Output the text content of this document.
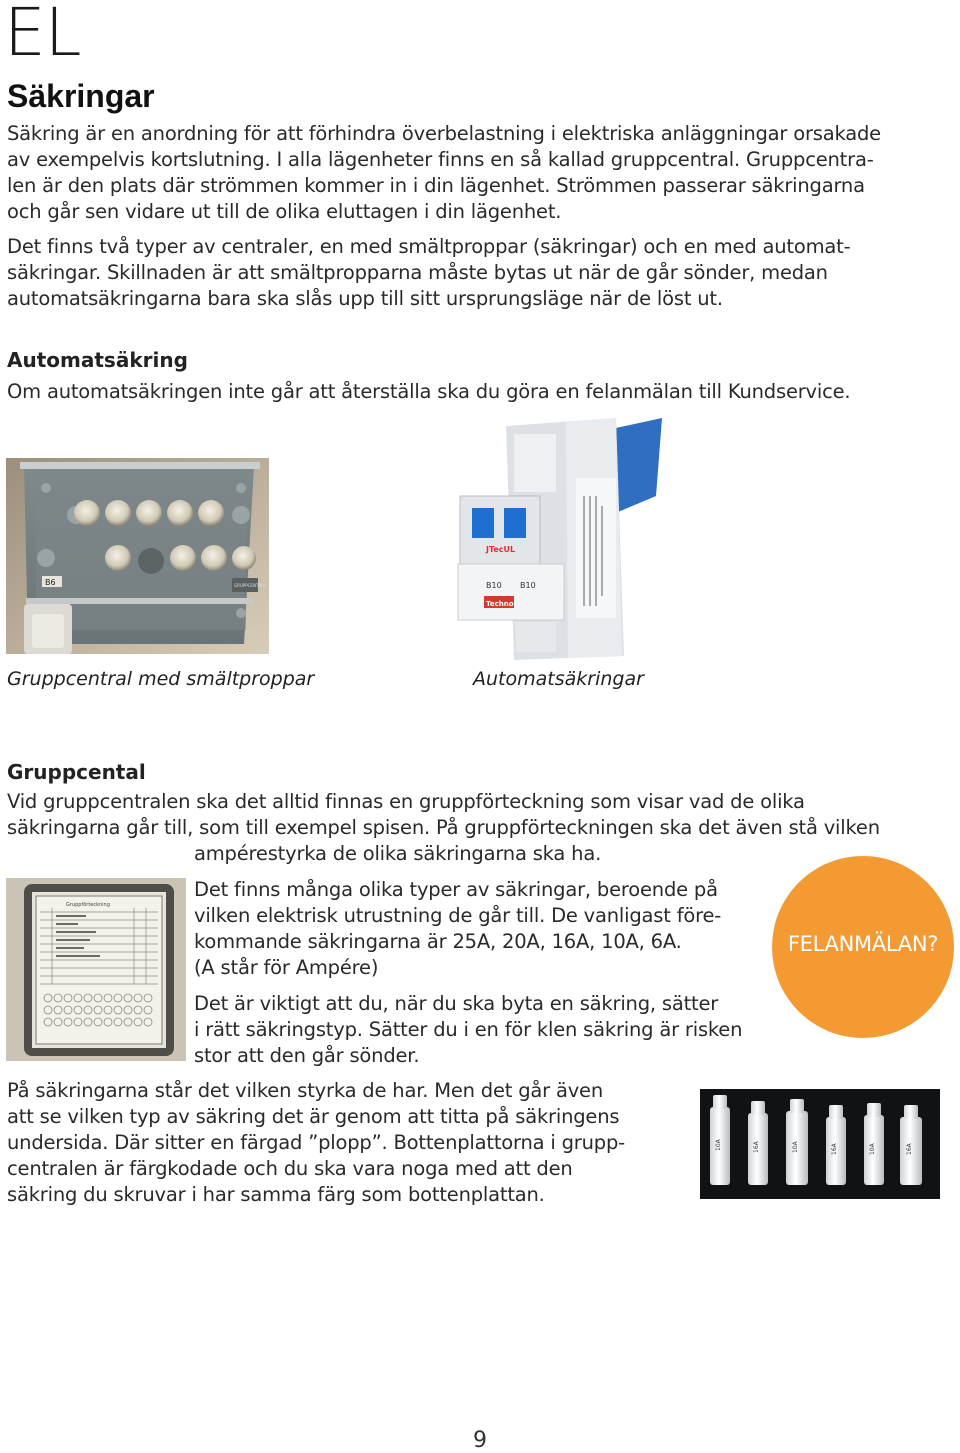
EL
Säkringar
Säkring är en anordning för att förhindra överbelastning i elektriska anläggningar orsakade
av exempelvis kortslutning. I alla lägenheter finns en så kallad gruppcentral. Gruppcentra-
len är den plats där strömmen kommer in i din lägenhet. Strömmen passerar säkringarna
och går sen vidare ut till de olika eluttagen i din lägenhet.
Det finns två typer av centraler, en med smältproppar (säkringar) och en med automat-
säkringar. Skillnaden är att smältpropparna måste bytas ut när de går sönder, medan
automatsäkringarna bara ska slås upp till sitt ursprungsläge när de löst ut.
Automatsäkring
Om automatsäkringen inte går att återställa ska du göra en felanmälan till Kundservice.
B6	GRUPPCENTRAL
JTecUL
B10 B10
Techno
Gruppcentral med smältproppar	Automatsäkringar
Gruppcental
Vid gruppcentralen ska det alltid finnas en gruppförteckning som visar vad de olika
säkringarna går till, som till exempel spisen. På gruppförteckningen ska det även stå vilken
ampérestyrka de olika säkringarna ska ha.
Gruppförteckning
Det finns många olika typer av säkringar, beroende på
vilken elektrisk utrustning de går till. De vanligast före-
kommande säkringarna är 25A, 20A, 16A, 10A, 6A.
(A står för Ampére)
FELANMÄLAN?
Det är viktigt att du, när du ska byta en säkring, sätter
i rätt säkringstyp. Sätter du i en för klen säkring är risken
stor att den går sönder.
På säkringarna står det vilken styrka de har. Men det går även
att se vilken typ av säkring det är genom att titta på säkringens
undersida. Där sitter en färgad ”plopp”. Bottenplattorna i grupp-
centralen är färgkodade och du ska vara noga med att den
säkring du skruvar i har samma färg som bottenplattan.
10A	16A	10A	16A	10A	16A
9
